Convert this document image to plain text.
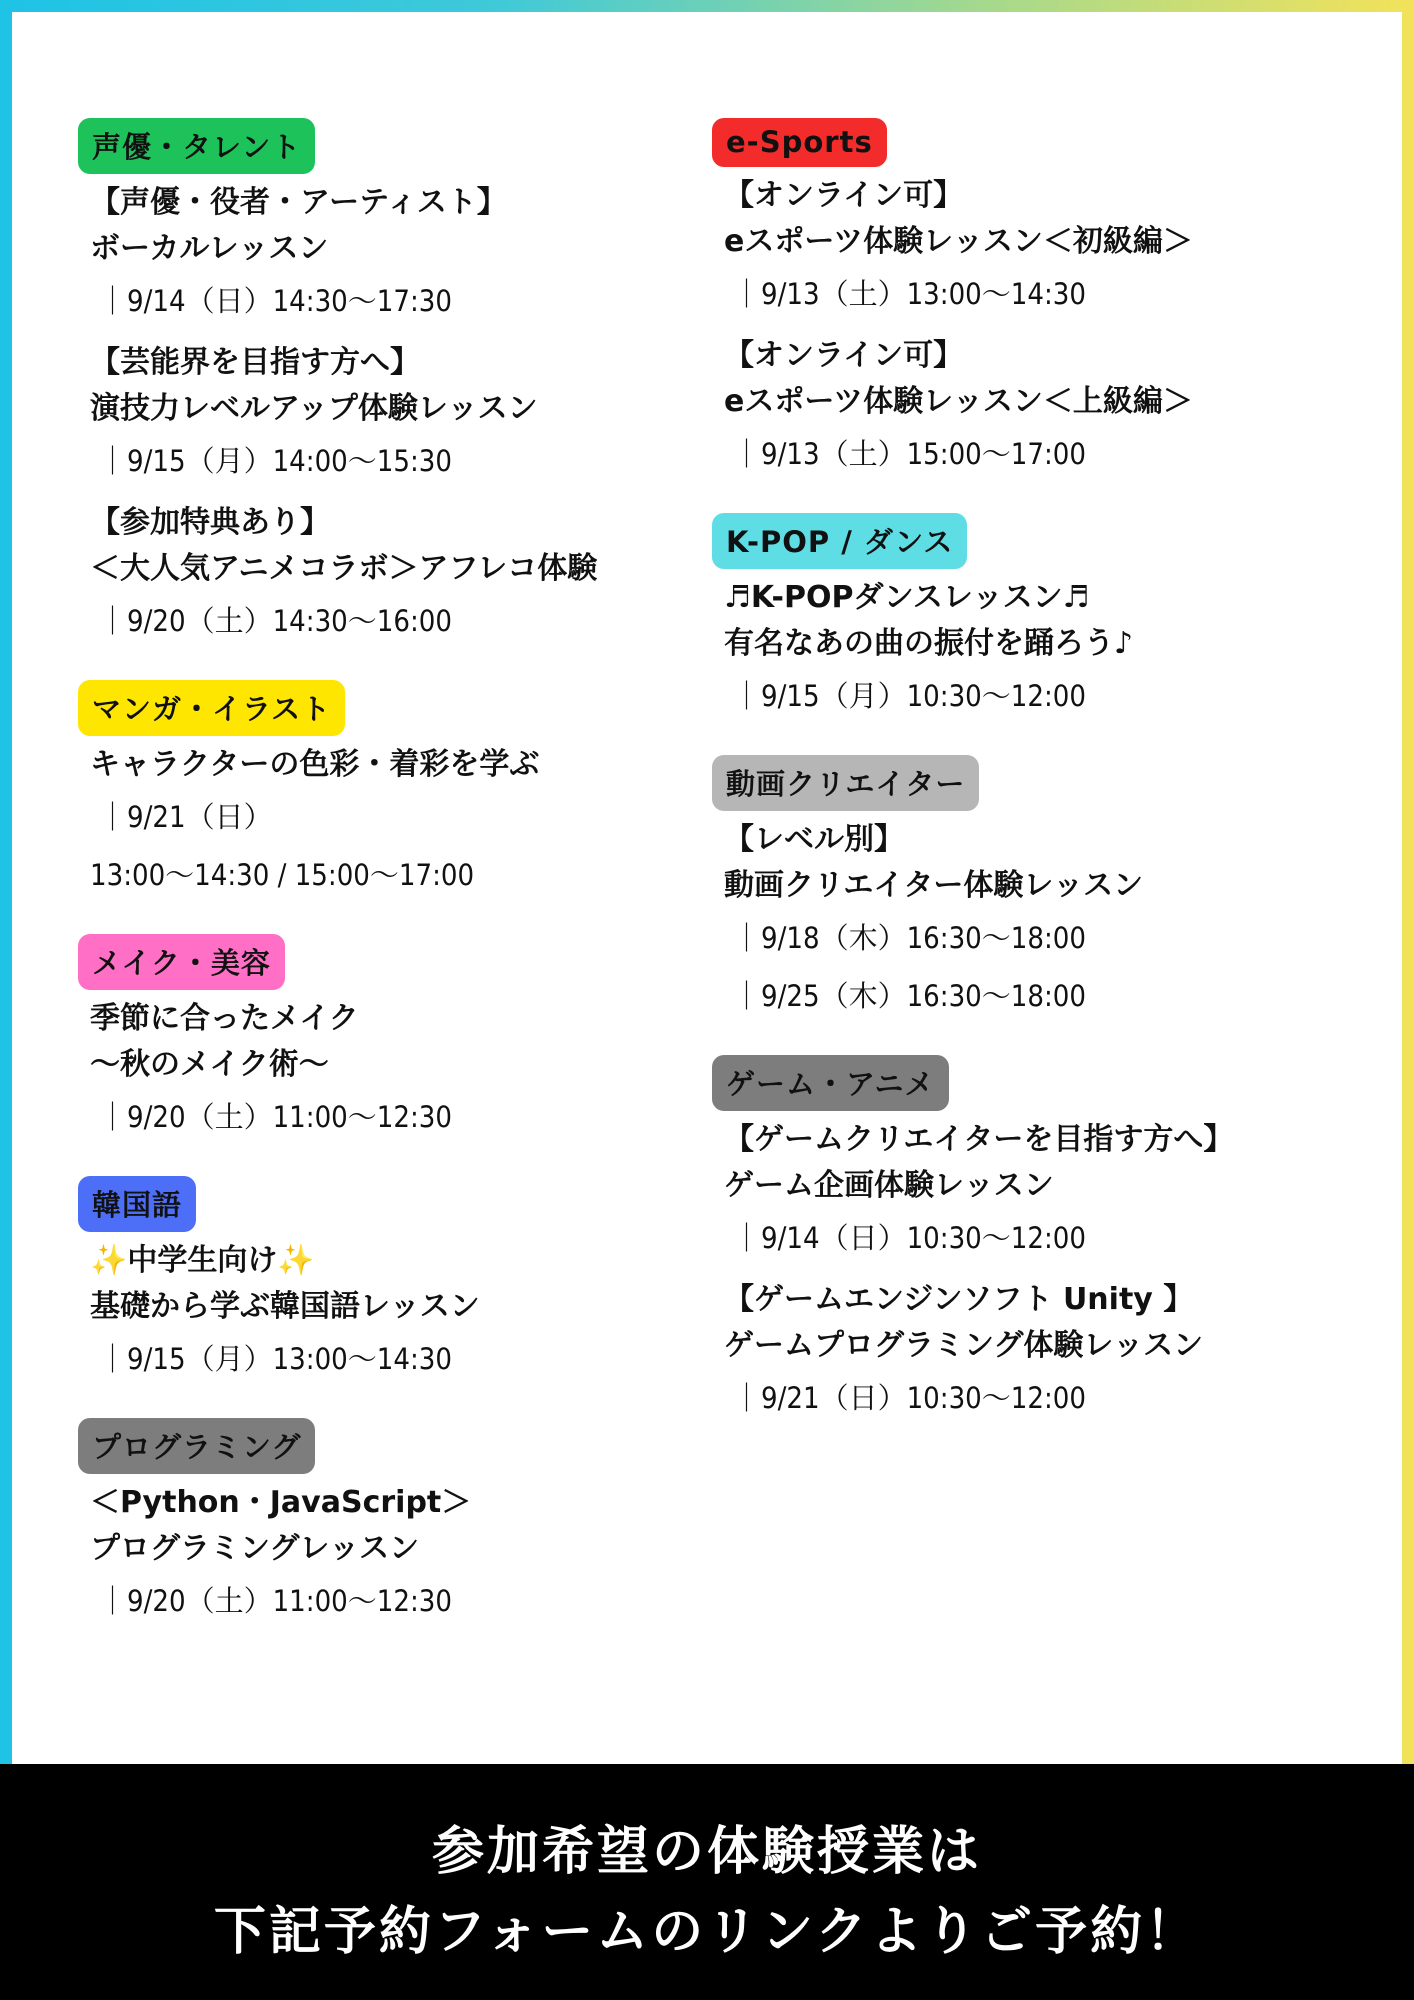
声優・タレント
【声優・役者・アーティスト】
ボーカルレッスン
｜9/14（日）14:30〜17:30
【芸能界を目指す方へ】
演技力レベルアップ体験レッスン
｜9/15（月）14:00〜15:30
【参加特典あり】
＜大人気アニメコラボ＞アフレコ体験
｜9/20（土）14:30〜16:00
マンガ・イラスト
キャラクターの色彩・着彩を学ぶ
｜9/21（日）
13:00〜14:30 / 15:00〜17:00
メイク・美容
季節に合ったメイク
〜秋のメイク術〜
｜9/20（土）11:00〜12:30
韓国語
✨中学生向け✨
基礎から学ぶ韓国語レッスン
｜9/15（月）13:00〜14:30
プログラミング
＜Python・JavaScript＞
プログラミングレッスン
｜9/20（土）11:00〜12:30
e-Sports
【オンライン可】
eスポーツ体験レッスン＜初級編＞
｜9/13（土）13:00〜14:30
【オンライン可】
eスポーツ体験レッスン＜上級編＞
｜9/13（土）15:00〜17:00
K-POP / ダンス
♬K-POPダンスレッスン♬
有名なあの曲の振付を踊ろう♪
｜9/15（月）10:30〜12:00
動画クリエイター
【レベル別】
動画クリエイター体験レッスン
｜9/18（木）16:30〜18:00
｜9/25（木）16:30〜18:00
ゲーム・アニメ
【ゲームクリエイターを目指す方へ】
ゲーム企画体験レッスン
｜9/14（日）10:30〜12:00
【ゲームエンジンソフト Unity 】
ゲームプログラミング体験レッスン
｜9/21（日）10:30〜12:00
参加希望の体験授業は
下記予約フォームのリンクよりご予約！
